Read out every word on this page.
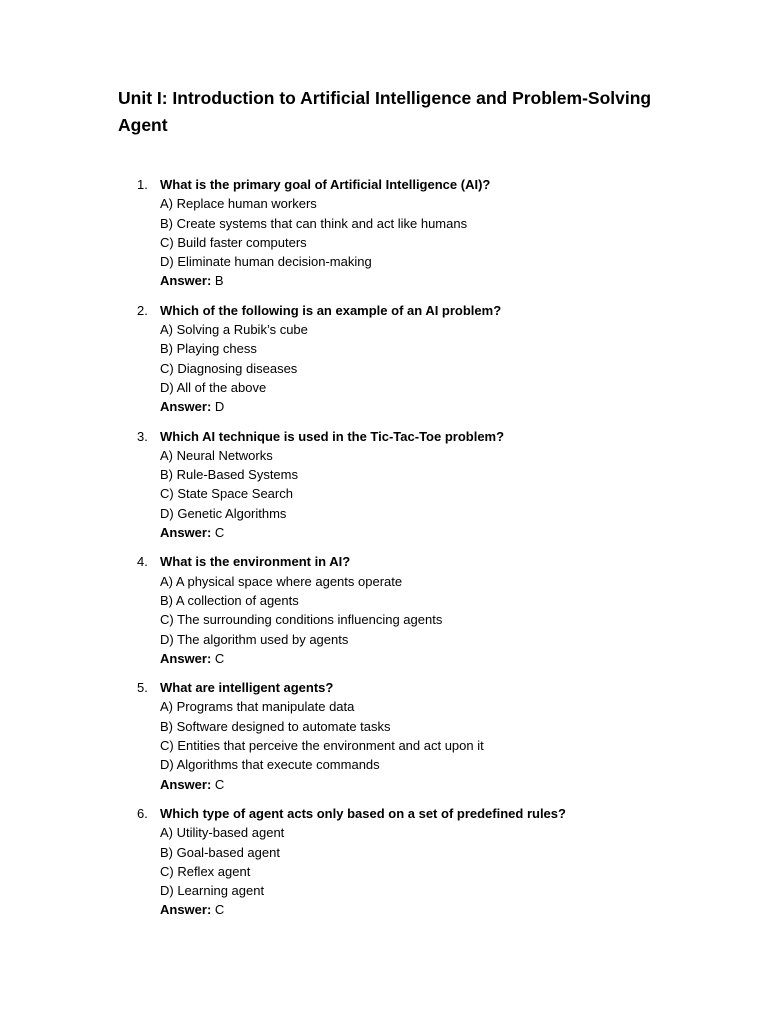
Unit I: Introduction to Artificial Intelligence and Problem-Solving Agent
1. What is the primary goal of Artificial Intelligence (AI)?
A) Replace human workers
B) Create systems that can think and act like humans
C) Build faster computers
D) Eliminate human decision-making
Answer: B
2. Which of the following is an example of an AI problem?
A) Solving a Rubik’s cube
B) Playing chess
C) Diagnosing diseases
D) All of the above
Answer: D
3. Which AI technique is used in the Tic-Tac-Toe problem?
A) Neural Networks
B) Rule-Based Systems
C) State Space Search
D) Genetic Algorithms
Answer: C
4. What is the environment in AI?
A) A physical space where agents operate
B) A collection of agents
C) The surrounding conditions influencing agents
D) The algorithm used by agents
Answer: C
5. What are intelligent agents?
A) Programs that manipulate data
B) Software designed to automate tasks
C) Entities that perceive the environment and act upon it
D) Algorithms that execute commands
Answer: C
6. Which type of agent acts only based on a set of predefined rules?
A) Utility-based agent
B) Goal-based agent
C) Reflex agent
D) Learning agent
Answer: C
